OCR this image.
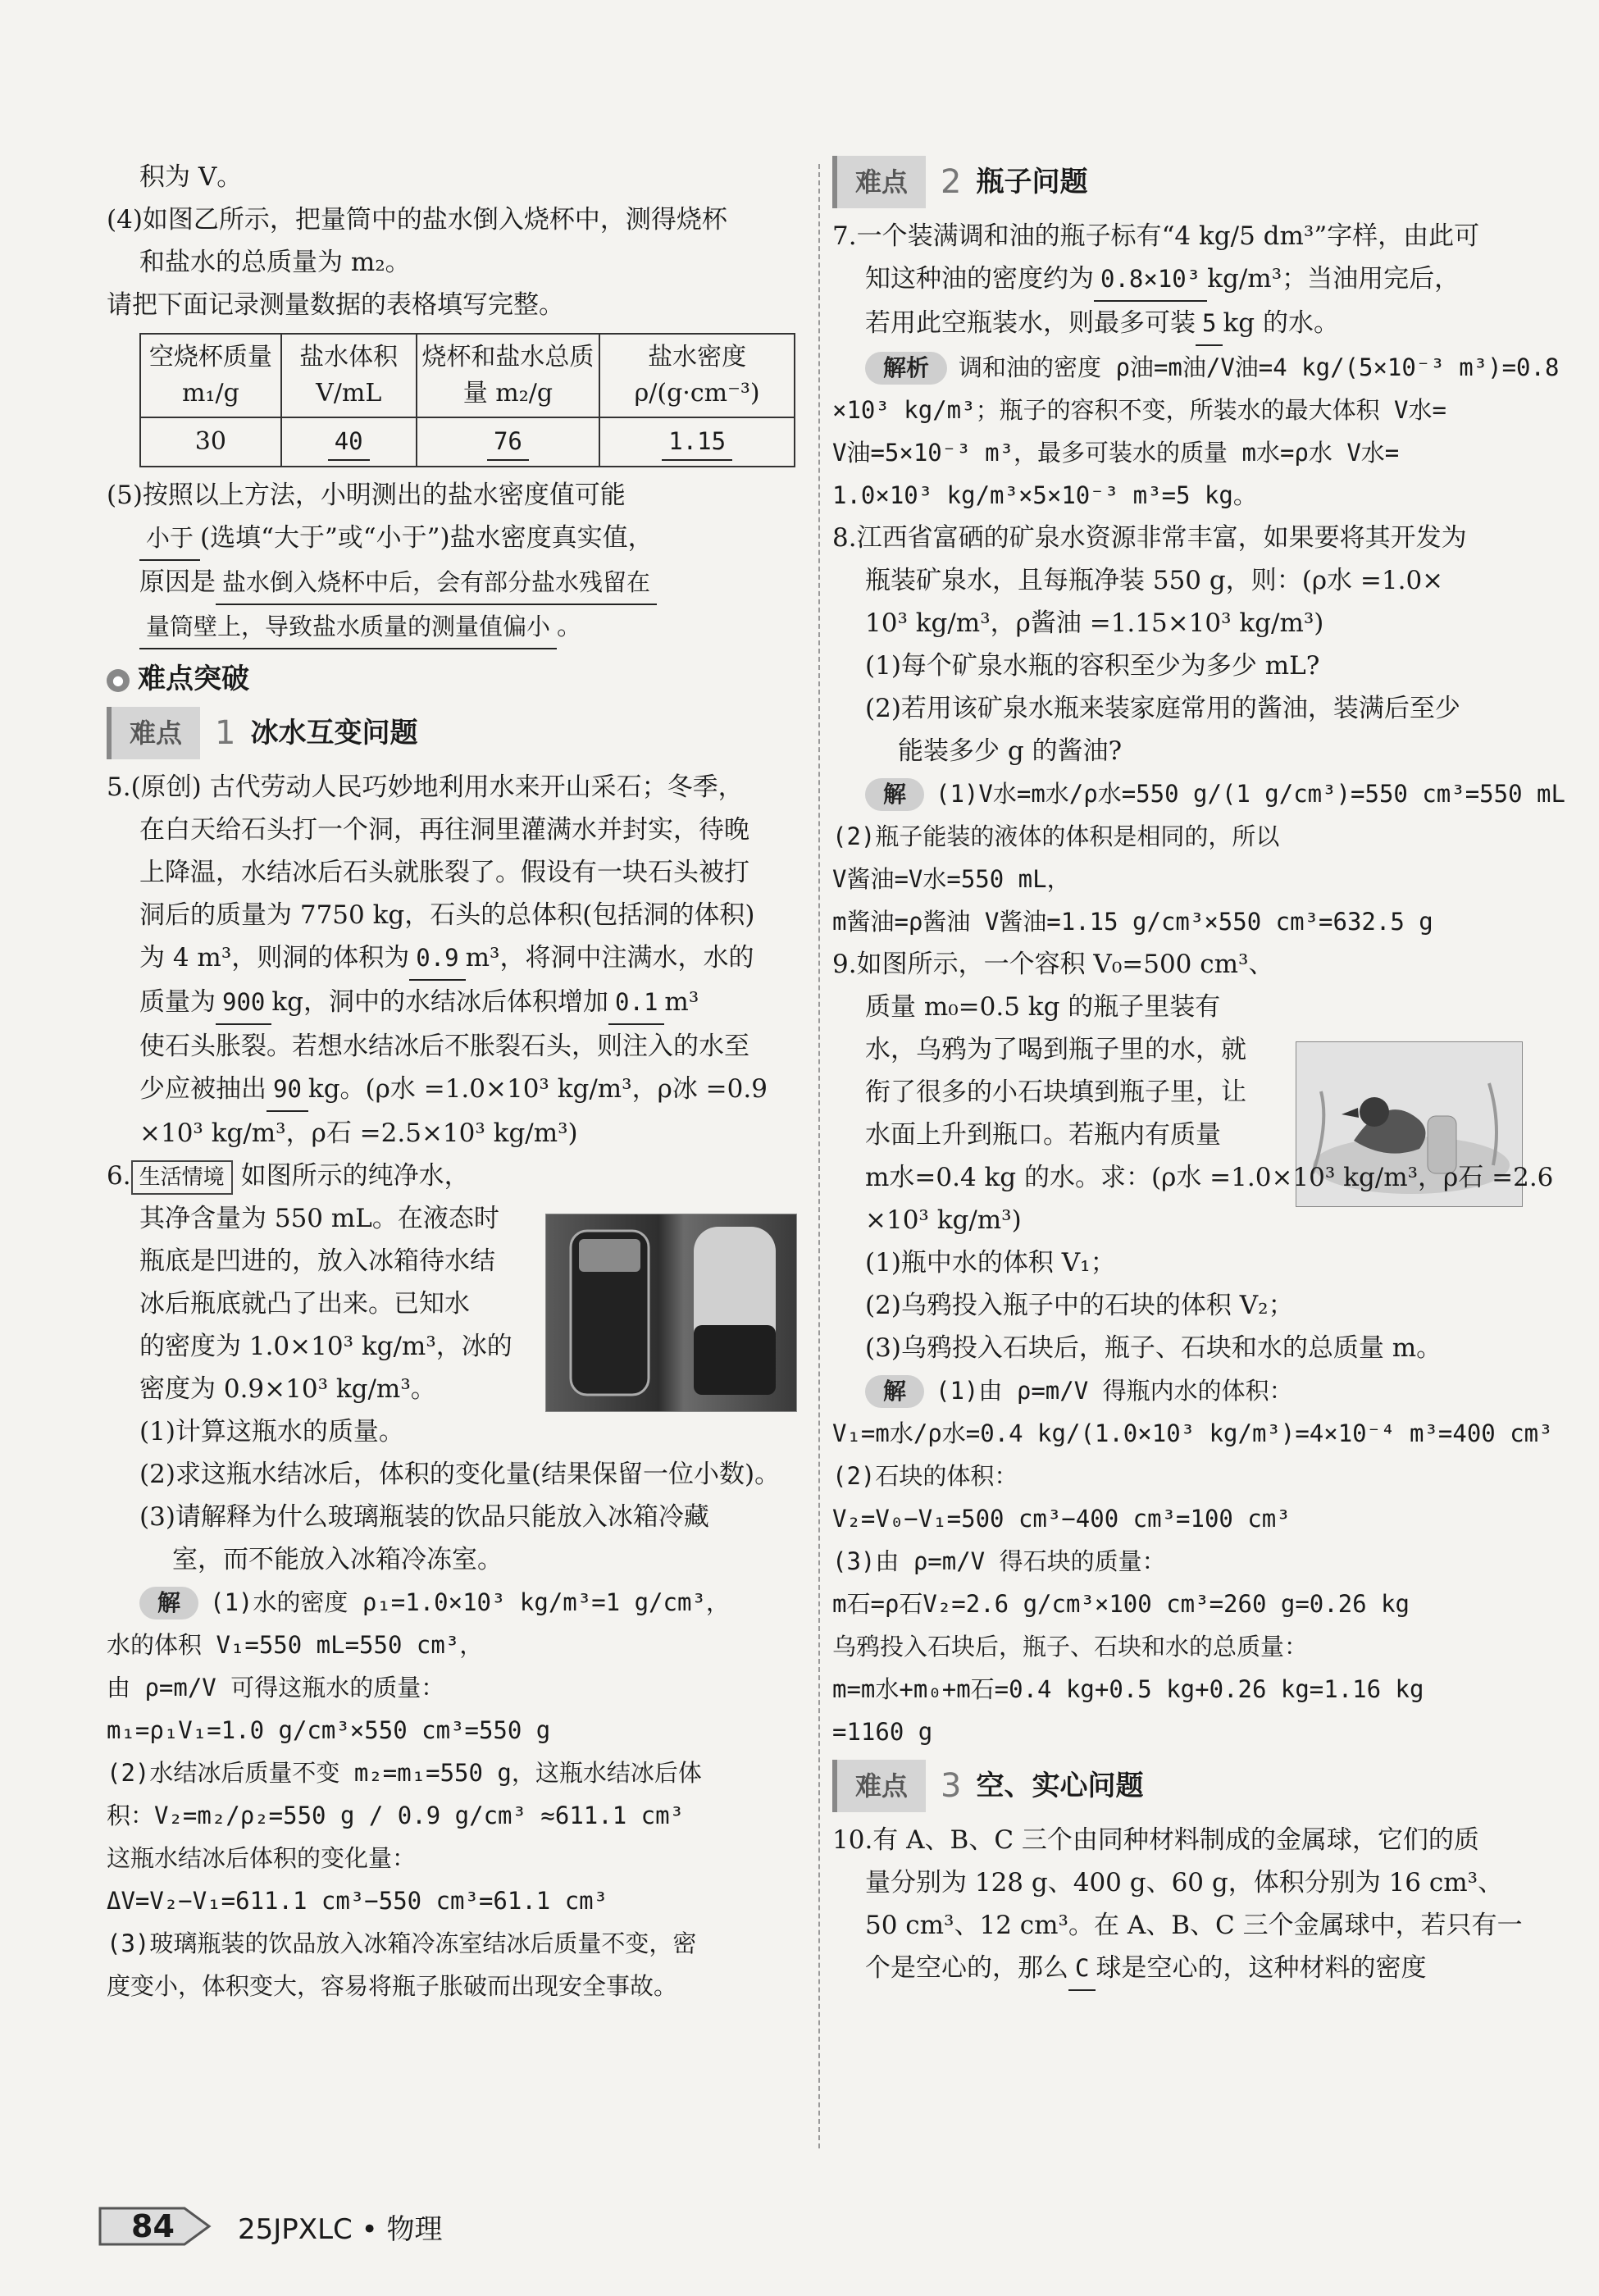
积为 V。

(4)如图乙所示，把量筒中的盐水倒入烧杯中，测得烧杯

和盐水的总质量为 m₂。

请把下面记录测量数据的表格填写完整。

空烧杯质量 m₁/g	盐水体积 V/mL	烧杯和盐水总质量 m₂/g	盐水密度 ρ/(g·cm⁻³)
30	40	76	1.15

(5)按照以上方法，小明测出的盐水密度值可能

小于 (选填“大于”或“小于”)盐水密度真实值，

原因是 盐水倒入烧杯中后，会有部分盐水残留在

量筒壁上，导致盐水质量的测量值偏小 。

● 难点突破
难点	1 冰水互变问题

5.(原创) 古代劳动人民巧妙地利用水来开山采石；冬季，

在白天给石头打一个洞，再往洞里灌满水并封实，待晚

上降温，水结冰后石头就胀裂了。假设有一块石头被打

洞后的质量为 7750 kg，石头的总体积(包括洞的体积)

为 4 m³，则洞的体积为 0.9 m³，将洞中注满水，水的

质量为 900 kg，洞中的水结冰后体积增加 0.1 m³

使石头胀裂。若想水结冰后不胀裂石头，则注入的水至

少应被抽出 90 kg。(ρ水 =1.0×10³ kg/m³，ρ冰 =0.9

×10³ kg/m³，ρ石 =2.5×10³ kg/m³)

6. 生活情境 如图所示的纯净水，

其净含量为 550 mL。在液态时

瓶底是凹进的，放入冰箱待水结

冰后瓶底就凸了出来。已知水

的密度为 1.0×10³ kg/m³，冰的

密度为 0.9×10³ kg/m³。

(1)计算这瓶水的质量。

(2)求这瓶水结冰后，体积的变化量(结果保留一位小数)。

(3)请解释为什么玻璃瓶装的饮品只能放入冰箱冷藏

室，而不能放入冰箱冷冻室。

解 (1)水的密度 ρ₁=1.0×10³ kg/m³=1 g/cm³，

水的体积 V₁=550 mL=550 cm³，

由 ρ=m/V 可得这瓶水的质量：

m₁=ρ₁V₁=1.0 g/cm³×550 cm³=550 g

(2)水结冰后质量不变 m₂=m₁=550 g，这瓶水结冰后体

积：V₂=m₂/ρ₂=550 g / 0.9 g/cm³ ≈611.1 cm³

这瓶水结冰后体积的变化量：

ΔV=V₂−V₁=611.1 cm³−550 cm³=61.1 cm³

(3)玻璃瓶装的饮品放入冰箱冷冻室结冰后质量不变，密

度变小，体积变大，容易将瓶子胀破而出现安全事故。

难点	2 瓶子问题

7.一个装满调和油的瓶子标有“4 kg/5 dm³”字样，由此可

知这种油的密度约为 0.8×10³ kg/m³；当油用完后，

若用此空瓶装水，则最多可装 5 kg 的水。

解析 调和油的密度 ρ油=m油/V油=4 kg/(5×10⁻³ m³)=0.8

×10³ kg/m³；瓶子的容积不变，所装水的最大体积 V水=

V油=5×10⁻³ m³，最多可装水的质量 m水=ρ水 V水=

1.0×10³ kg/m³×5×10⁻³ m³=5 kg。

8.江西省富硒的矿泉水资源非常丰富，如果要将其开发为

瓶装矿泉水，且每瓶净装 550 g，则：(ρ水 =1.0×

10³ kg/m³，ρ酱油 =1.15×10³ kg/m³)

(1)每个矿泉水瓶的容积至少为多少 mL?

(2)若用该矿泉水瓶来装家庭常用的酱油，装满后至少

能装多少 g 的酱油?

解 (1)V水=m水/ρ水=550 g/(1 g/cm³)=550 cm³=550 mL

(2)瓶子能装的液体的体积是相同的，所以

V酱油=V水=550 mL，

m酱油=ρ酱油 V酱油=1.15 g/cm³×550 cm³=632.5 g

9.如图所示，一个容积 V₀=500 cm³、

质量 m₀=0.5 kg 的瓶子里装有

水，乌鸦为了喝到瓶子里的水，就

衔了很多的小石块填到瓶子里，让

水面上升到瓶口。若瓶内有质量

m水=0.4 kg 的水。求：(ρ水 =1.0×10³ kg/m³，ρ石 =2.6

×10³ kg/m³)

(1)瓶中水的体积 V₁；

(2)乌鸦投入瓶子中的石块的体积 V₂；

(3)乌鸦投入石块后，瓶子、石块和水的总质量 m。

解 (1)由 ρ=m/V 得瓶内水的体积：

V₁=m水/ρ水=0.4 kg/(1.0×10³ kg/m³)=4×10⁻⁴ m³=400 cm³

(2)石块的体积：

V₂=V₀−V₁=500 cm³−400 cm³=100 cm³

(3)由 ρ=m/V 得石块的质量：

m石=ρ石V₂=2.6 g/cm³×100 cm³=260 g=0.26 kg

乌鸦投入石块后，瓶子、石块和水的总质量：

m=m水+m₀+m石=0.4 kg+0.5 kg+0.26 kg=1.16 kg

=1160 g

难点	3 空、实心问题

10.有 A、B、C 三个由同种材料制成的金属球，它们的质

量分别为 128 g、400 g、60 g，体积分别为 16 cm³、

50 cm³、12 cm³。在 A、B、C 三个金属球中，若只有一

个是空心的，那么 C 球是空心的，这种材料的密度

84 25JPXLC • 物理
